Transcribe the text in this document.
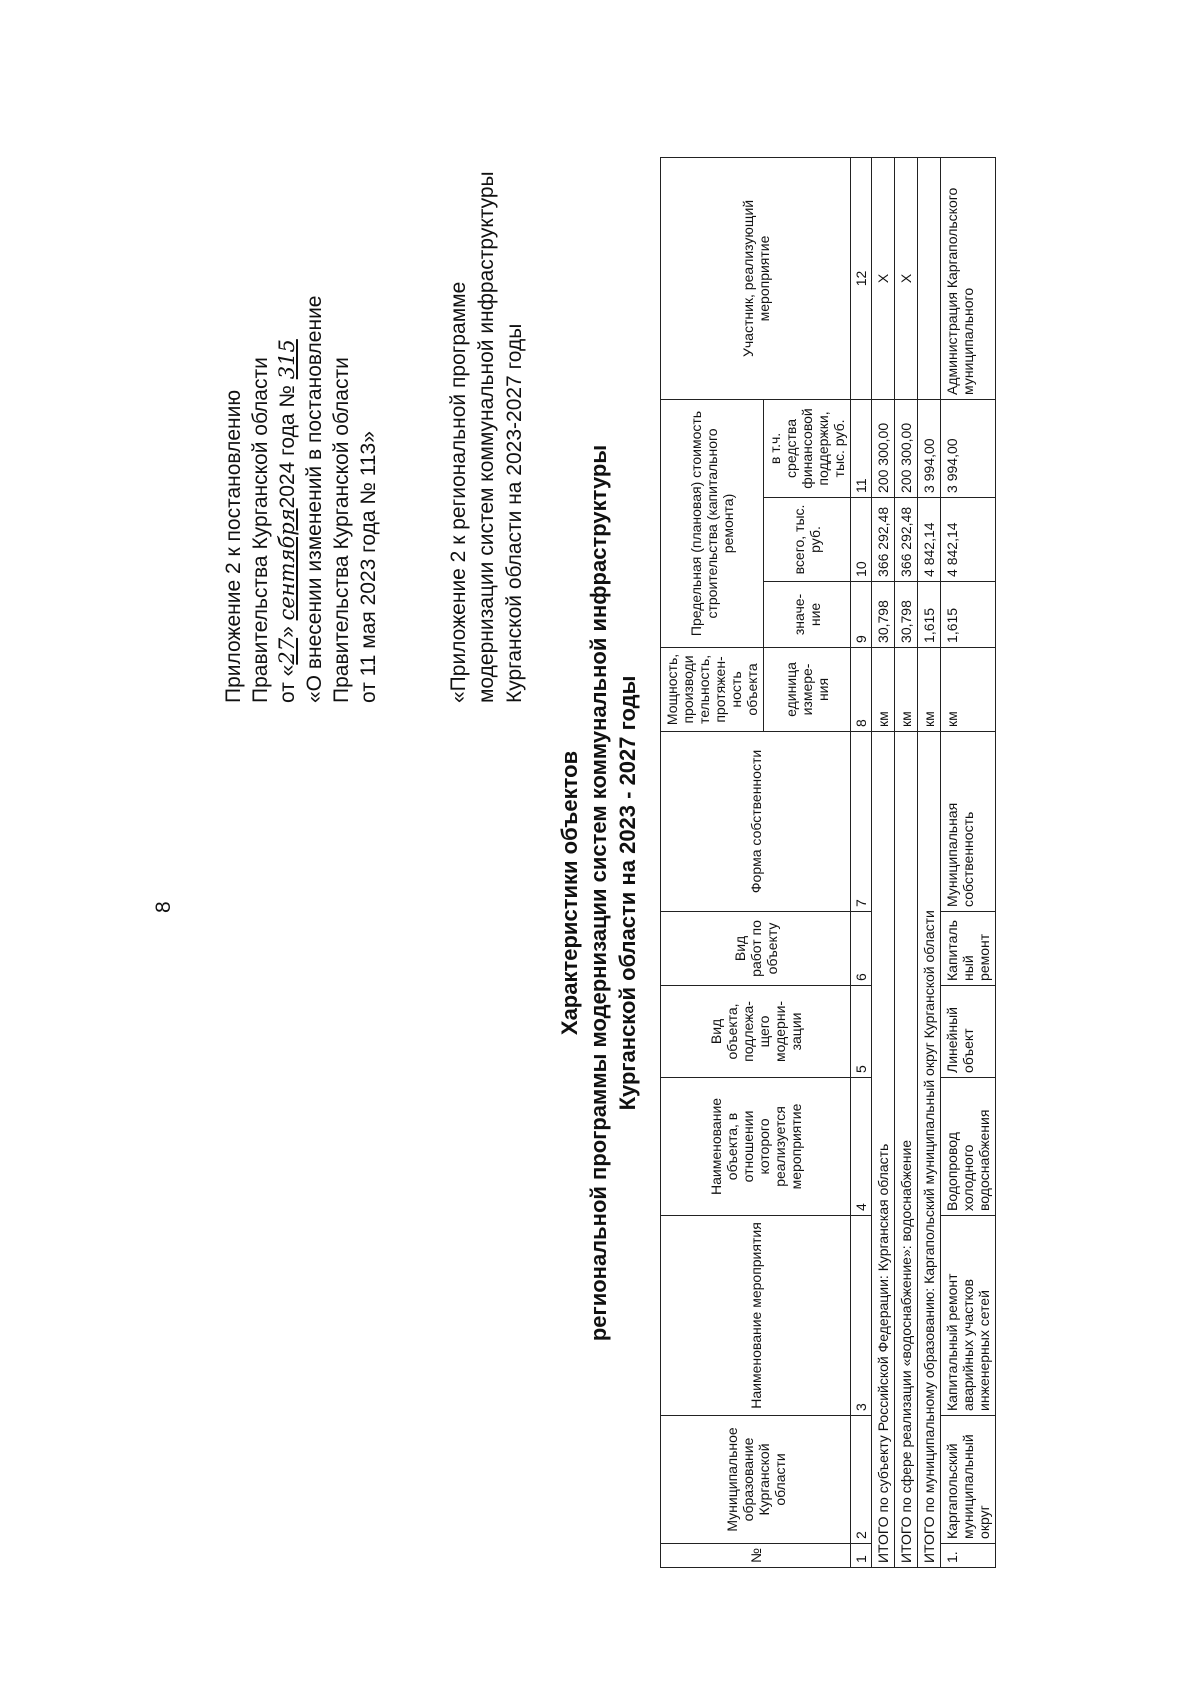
8
Приложение 2 к постановлению Правительства Курганской области от «27» сентября2024 года № 315 «О внесении изменений в постановление Правительства Курганской области от 11 мая 2023 года № 113»	«Приложение 2 к региональной программе модернизации систем коммунальной инфраструктуры Курганской области на 2023-2027 годы
Характеристики объектов региональной программы модернизации систем коммунальной инфраструктуры Курганской области на 2023 - 2027 годы
№	Муниципальное образование Курганской области	Наименование мероприятия	Наименование объекта, в отношении которого реализуется мероприятие	Вид объекта, подлежа-щего модерни-зации	Вид работ по объекту	Форма собственности	Мощность, производи тельность, протяжен-ность объекта	Предельная (плановая) стоимость строительства (капитального ремонта)			Участник, реализующий мероприятие
							единица измере-ния	значе-ние	всего, тыс. руб.	в т.ч. средства финансовой поддержки, тыс. руб.	
1	2	3	4	5	6	7	8	9	10	11	12
ИТОГО по субъекту Российской Федерации: Курганская область							км	30,798	366 292,48	200 300,00	Х
ИТОГО по сфере реализации «водоснабжение»: водоснабжение							км	30,798	366 292,48	200 300,00	Х
ИТОГО по муниципальному образованию: Каргапольский муниципальный округ Курганской области							км	1,615	4 842,14	3 994,00	
1.	Каргапольский муниципальный округ	Капитальный ремонт аварийных участков инженерных сетей	Водопровод холодного водоснабжения	Линейный объект	Капиталь ный ремонт	Муниципальная собственность	км	1,615	4 842,14	3 994,00	Администрация Каргапольского муниципального
